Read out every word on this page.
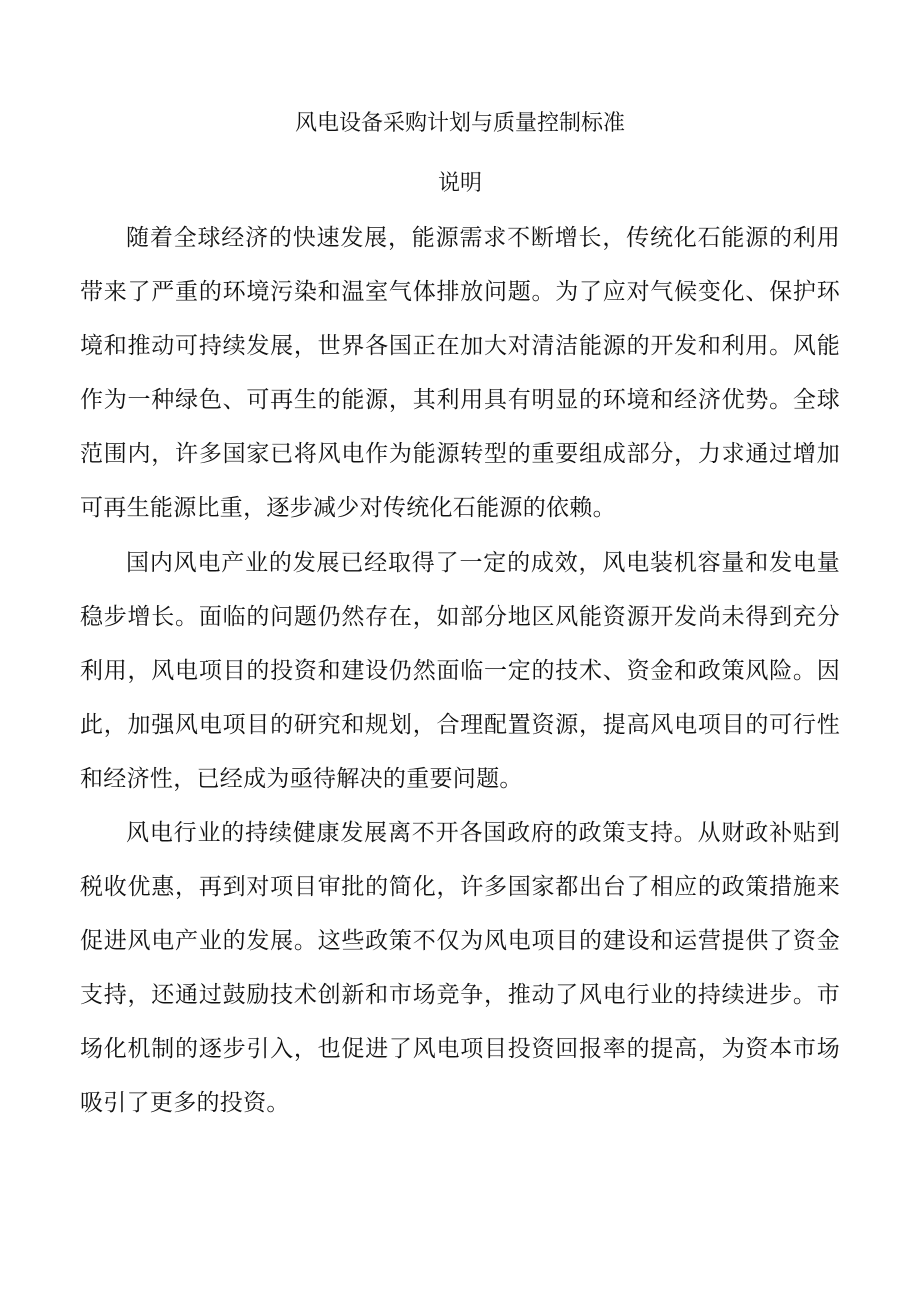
风电设备采购计划与质量控制标准
说明

随着全球经济的快速发展，能源需求不断增长，传统化石能源的利用带来了严重的环境污染和温室气体排放问题。为了应对气候变化、保护环境和推动可持续发展，世界各国正在加大对清洁能源的开发和利用。风能作为一种绿色、可再生的能源，其利用具有明显的环境和经济优势。全球范围内，许多国家已将风电作为能源转型的重要组成部分，力求通过增加可再生能源比重，逐步减少对传统化石能源的依赖。

国内风电产业的发展已经取得了一定的成效，风电装机容量和发电量稳步增长。面临的问题仍然存在，如部分地区风能资源开发尚未得到充分利用，风电项目的投资和建设仍然面临一定的技术、资金和政策风险。因此，加强风电项目的研究和规划，合理配置资源，提高风电项目的可行性和经济性，已经成为亟待解决的重要问题。

风电行业的持续健康发展离不开各国政府的政策支持。从财政补贴到税收优惠，再到对项目审批的简化，许多国家都出台了相应的政策措施来促进风电产业的发展。这些政策不仅为风电项目的建设和运营提供了资金支持，还通过鼓励技术创新和市场竞争，推动了风电行业的持续进步。市场化机制的逐步引入，也促进了风电项目投资回报率的提高，为资本市场吸引了更多的投资。
